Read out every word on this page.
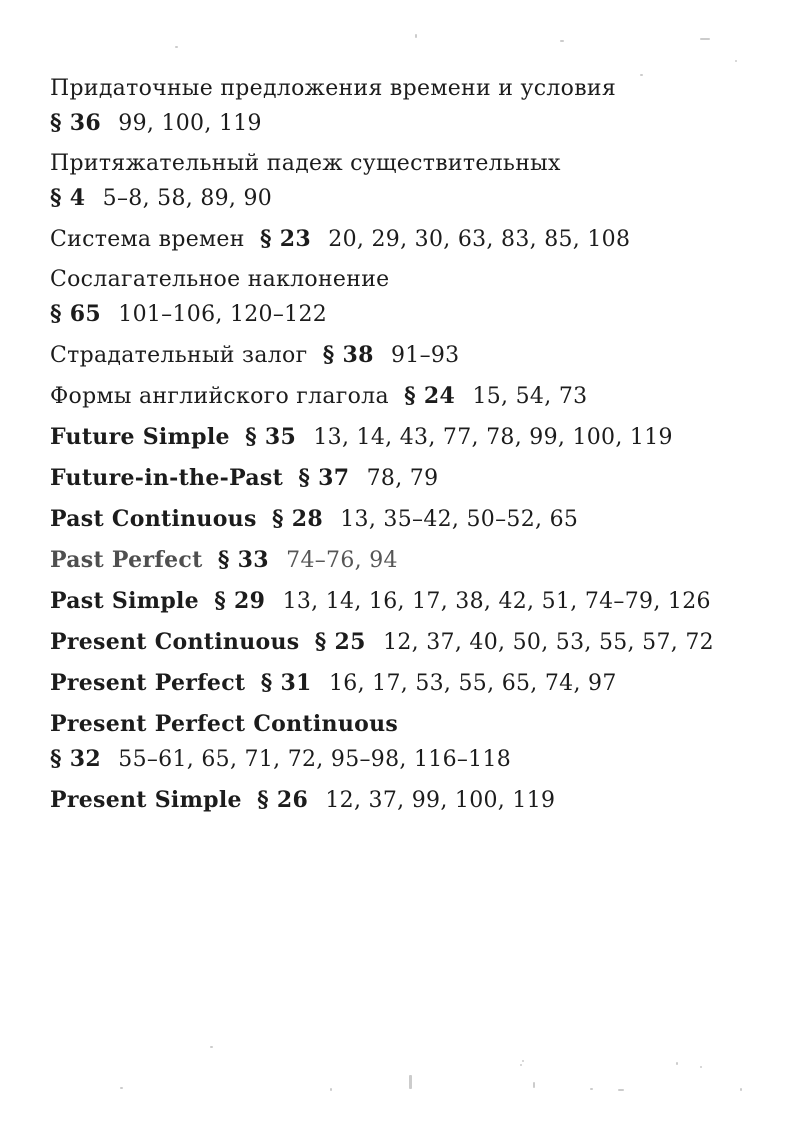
Придаточные предложения времени и условия
§ 36 99, 100, 119
Притяжательный падеж существительных
§ 4 5–8, 58, 89, 90
Система времен § 23 20, 29, 30, 63, 83, 85, 108
Сослагательное наклонение
§ 65 101–106, 120–122
Страдательный залог § 38 91–93
Формы английского глагола § 24 15, 54, 73
Future Simple § 35 13, 14, 43, 77, 78, 99, 100, 119
Future-in-the-Past § 37 78, 79
Past Continuous § 28 13, 35–42, 50–52, 65
Past Perfect § 33 74–76, 94
Past Simple § 29 13, 14, 16, 17, 38, 42, 51, 74–79, 126
Present Continuous § 25 12, 37, 40, 50, 53, 55, 57, 72
Present Perfect § 31 16, 17, 53, 55, 65, 74, 97
Present Perfect Continuous
§ 32 55–61, 65, 71, 72, 95–98, 116–118
Present Simple § 26 12, 37, 99, 100, 119
